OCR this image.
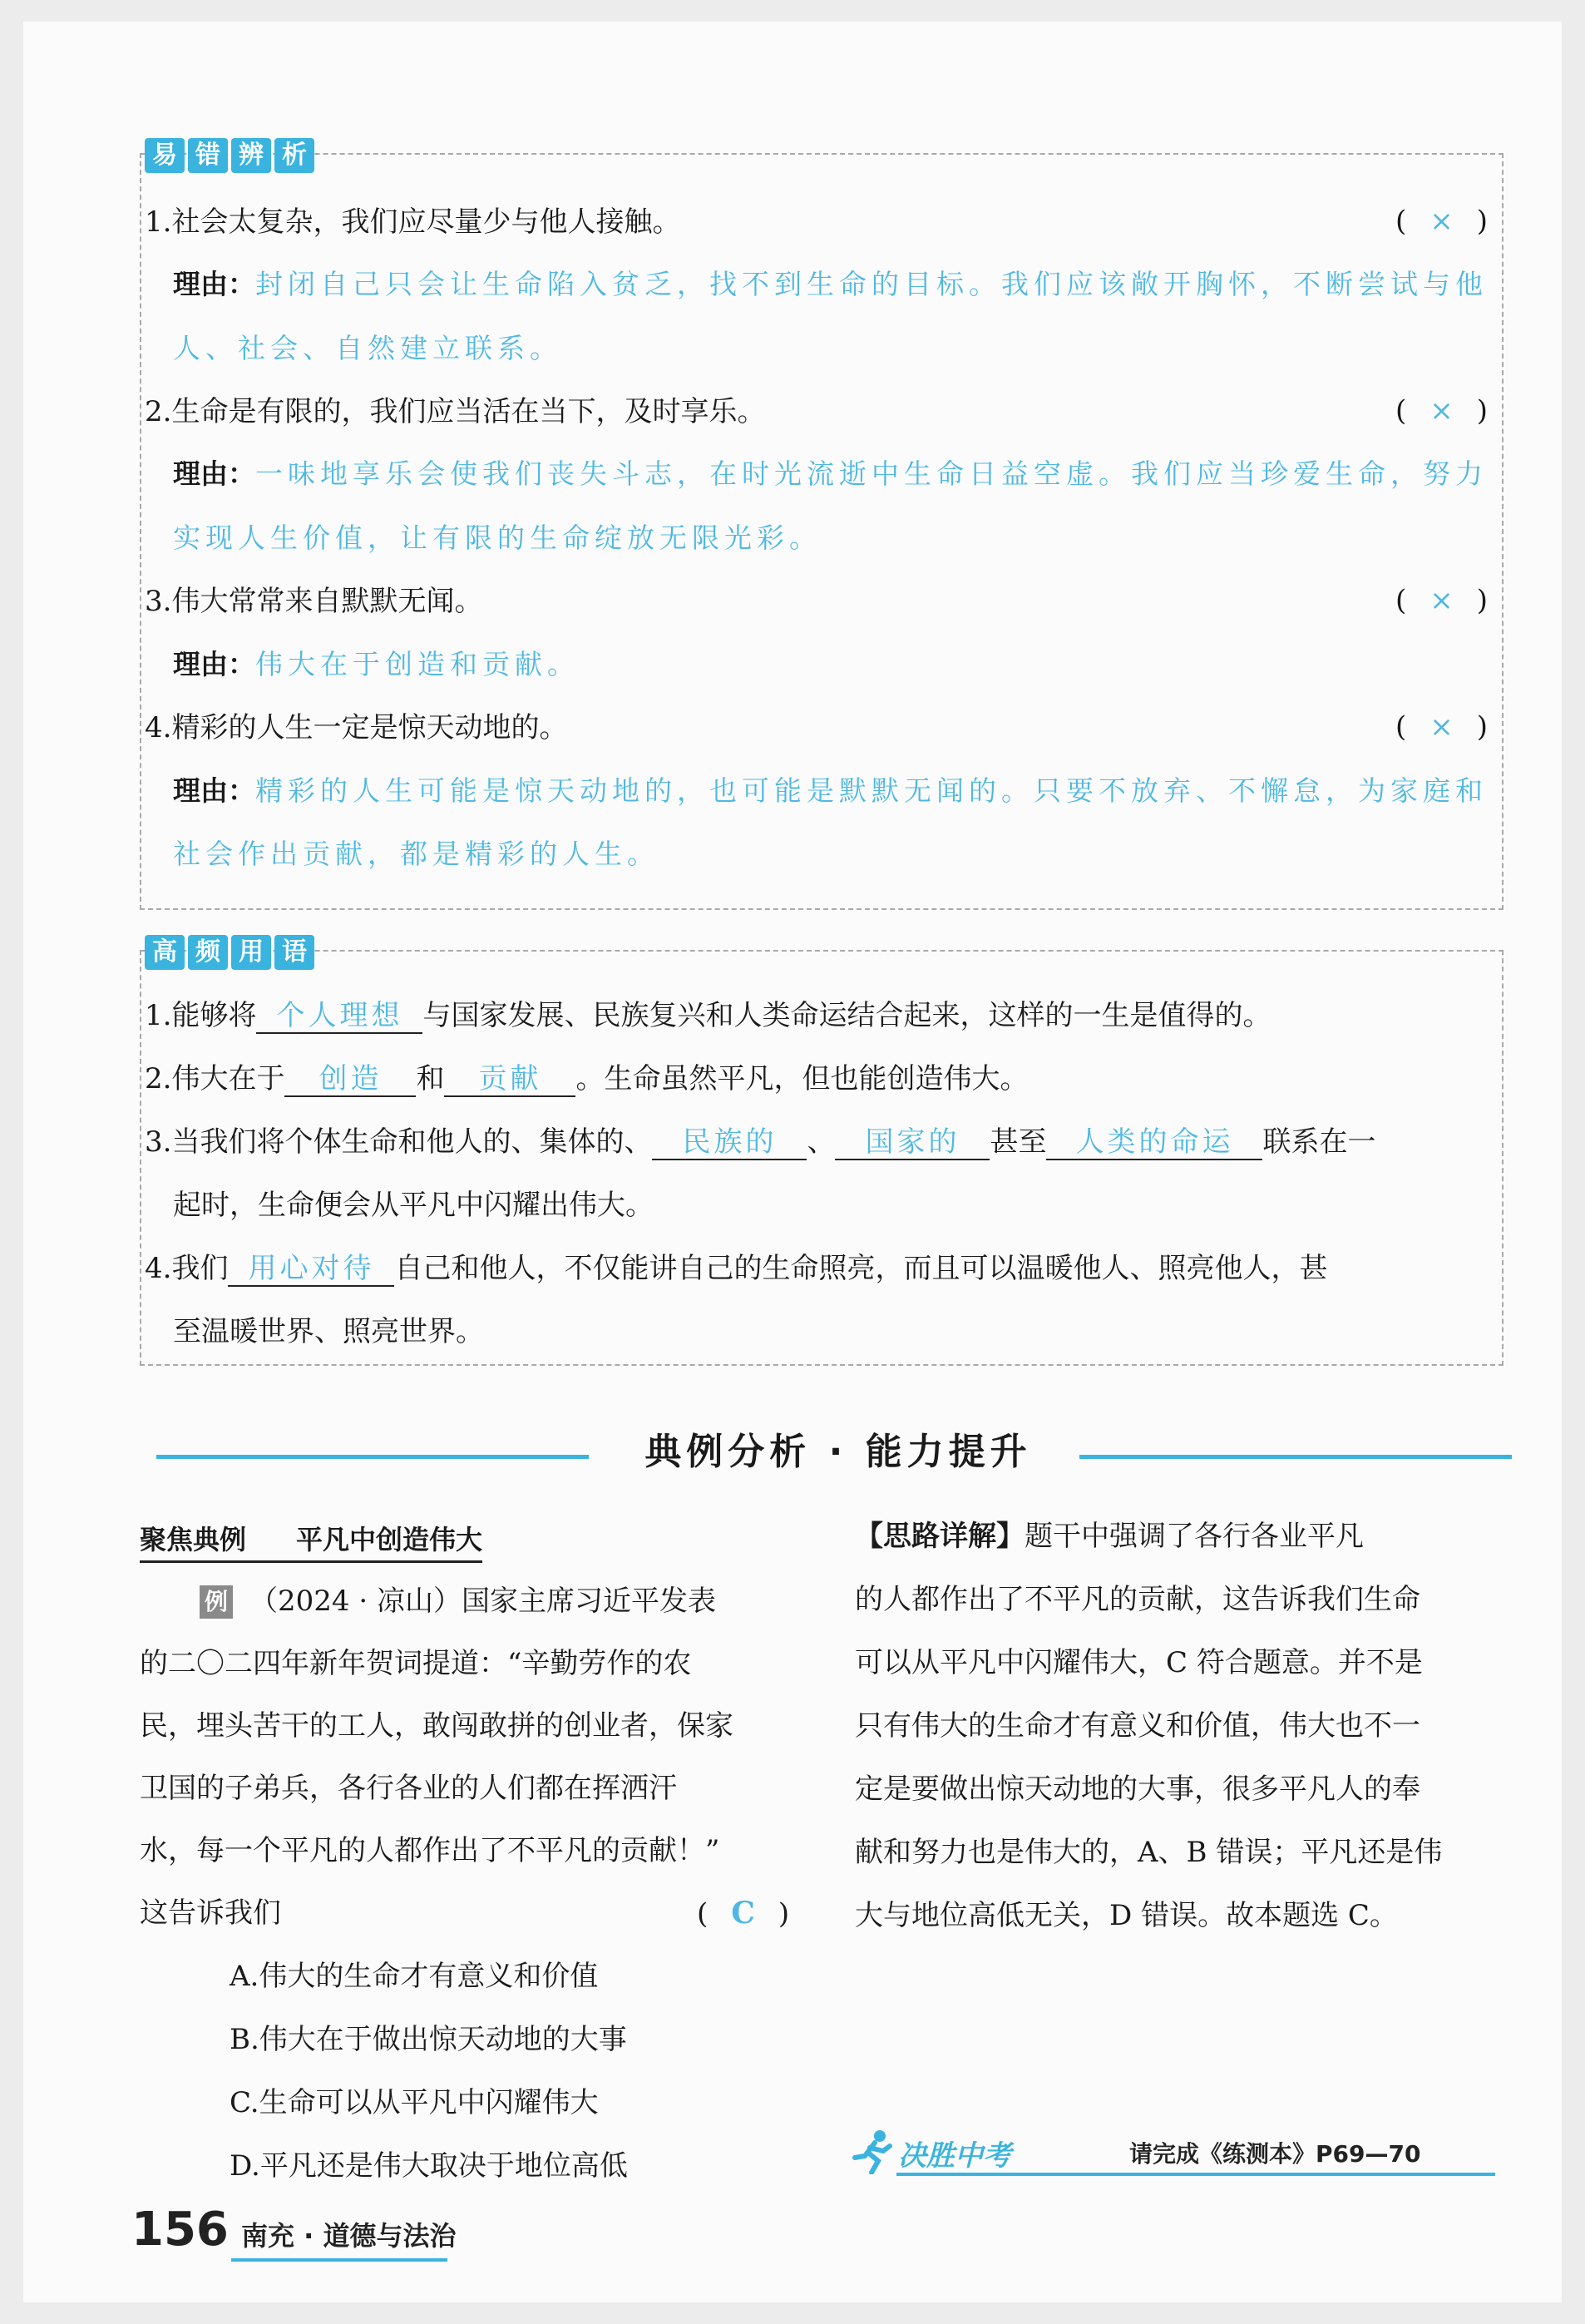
易 错 辨 析
1.社会太复杂，我们应尽量少与他人接触。	( × )
理由：封闭自己只会让生命陷入贫乏，找不到生命的目标。我们应该敞开胸怀，不断尝试与他
人、社会、自然建立联系。
2.生命是有限的，我们应当活在当下，及时享乐。	( × )
理由：一味地享乐会使我们丧失斗志，在时光流逝中生命日益空虚。我们应当珍爱生命，努力
实现人生价值，让有限的生命绽放无限光彩。
3.伟大常常来自默默无闻。	( × )
理由：伟大在于创造和贡献。
4.精彩的人生一定是惊天动地的。	( × )
理由：精彩的人生可能是惊天动地的，也可能是默默无闻的。只要不放弃、不懈怠，为家庭和
社会作出贡献，都是精彩的人生。
高 频 用 语
1.能够将 个人理想 与国家发展、民族复兴和人类命运结合起来，这样的一生是值得的。
2.伟大在于 创造 和 贡献 。生命虽然平凡，但也能创造伟大。
3.当我们将个体生命和他人的、集体的、 民族的 、 国家的 甚至 人类的命运 联系在一
起时，生命便会从平凡中闪耀出伟大。
4.我们 用心对待 自己和他人，不仅能讲自己的生命照亮，而且可以温暖他人、照亮他人，甚
至温暖世界、照亮世界。
典例分析 · 能力提升
聚焦典例 平凡中创造伟大
例 （2024 · 凉山）国家主席习近平发表
的二〇二四年新年贺词提道：“辛勤劳作的农
民，埋头苦干的工人，敢闯敢拼的创业者，保家
卫国的子弟兵，各行各业的人们都在挥洒汗
水，每一个平凡的人都作出了不平凡的贡献！”
这告诉我们	( C )
A.伟大的生命才有意义和价值
B.伟大在于做出惊天动地的大事
C.生命可以从平凡中闪耀伟大
D.平凡还是伟大取决于地位高低
【思路详解】题干中强调了各行各业平凡
的人都作出了不平凡的贡献，这告诉我们生命
可以从平凡中闪耀伟大，C 符合题意。并不是
只有伟大的生命才有意义和价值，伟大也不一
定是要做出惊天动地的大事，很多平凡人的奉
献和努力也是伟大的，A、B 错误；平凡还是伟
大与地位高低无关，D 错误。故本题选 C。
决胜中考	请完成《练测本》P69—70
156 南充 · 道德与法治
